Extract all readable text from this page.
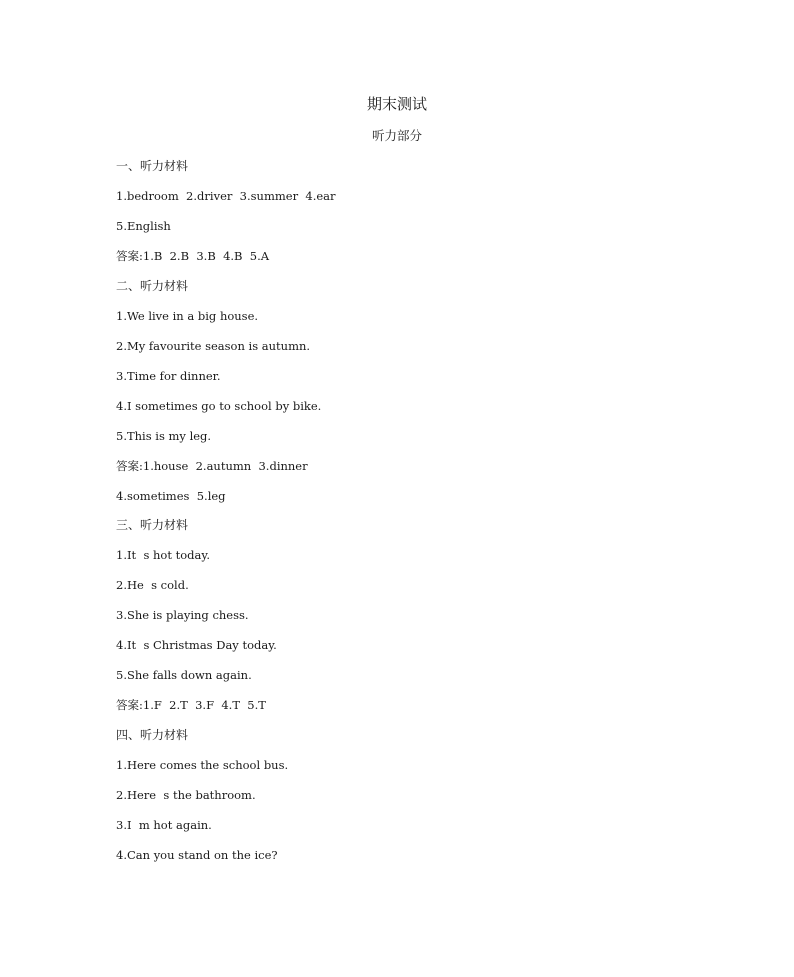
期末测试
听力部分
一、听力材料
1.bedroom  2.driver  3.summer  4.ear
5.English
答案:1.B  2.B  3.B  4.B  5.A
二、听力材料
1.We live in a big house.
2.My favourite season is autumn.
3.Time for dinner.
4.I sometimes go to school by bike.
5.This is my leg.
答案:1.house  2.autumn  3.dinner
4.sometimes  5.leg
三、听力材料
1.It  s hot today.
2.He  s cold.
3.She is playing chess.
4.It  s Christmas Day today.
5.She falls down again.
答案:1.F  2.T  3.F  4.T  5.T
四、听力材料
1.Here comes the school bus.
2.Here  s the bathroom.
3.I  m hot again.
4.Can you stand on the ice?
